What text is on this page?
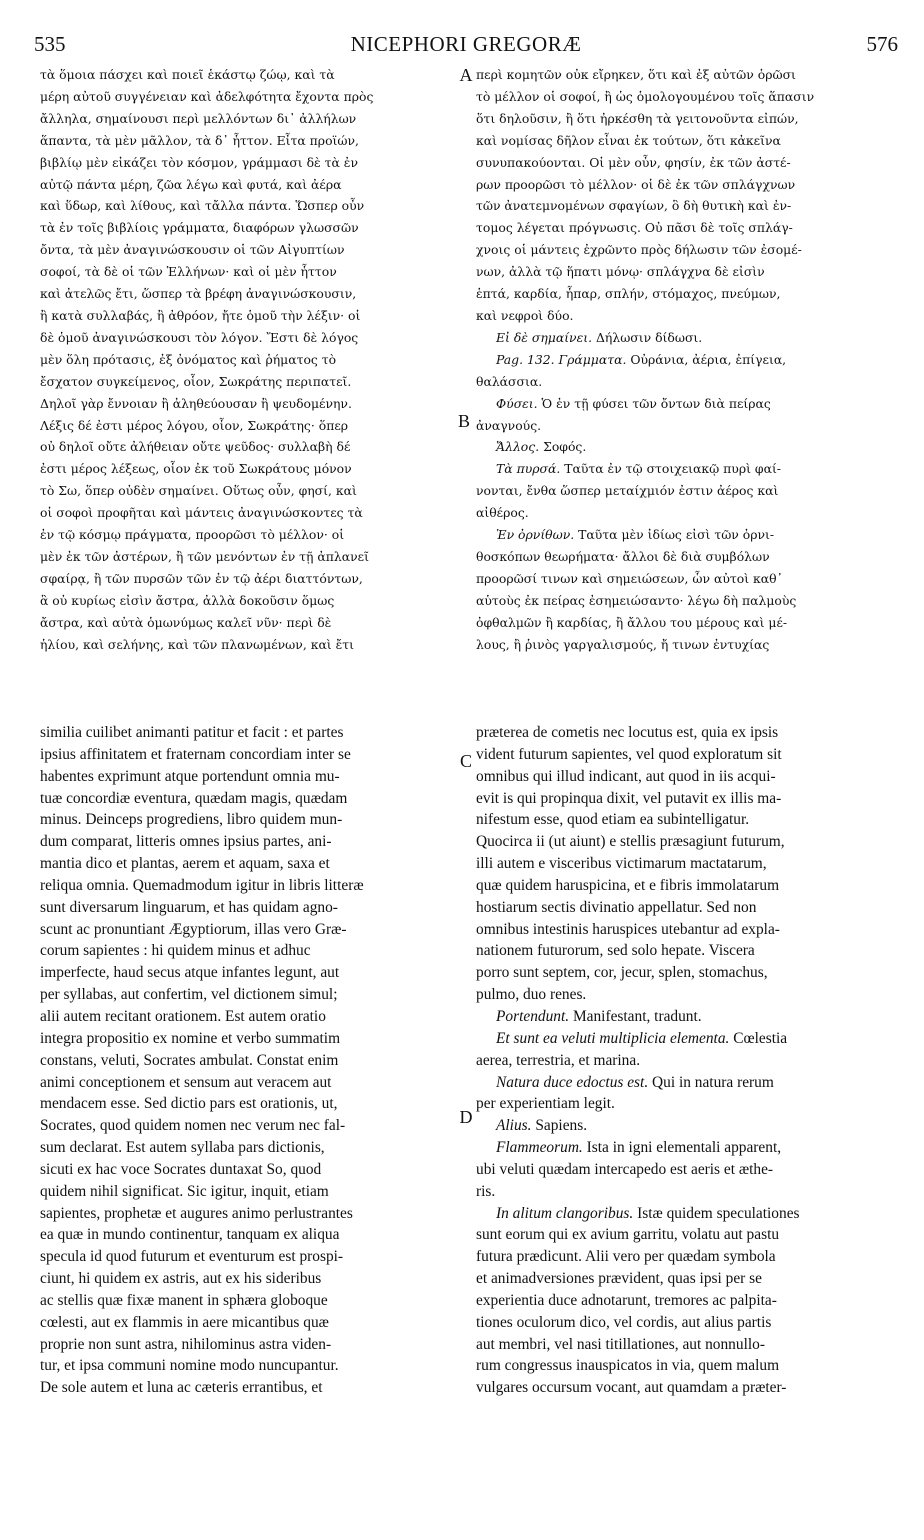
535	NICEPHORI GREGORÆ	576
τὰ ὅμοια πάσχει καὶ ποιεῖ ἑκάστῳ ζώῳ, καὶ τὰ
μέρη αὐτοῦ συγγένειαν καὶ ἀδελφότητα ἔχοντα πρὸς
ἄλληλα, σημαίνουσι περὶ μελλόντων δι᾽ ἀλλήλων
ἅπαντα, τὰ μὲν μᾶλλον, τὰ δ᾽ ἧττον. Εἶτα προϊών,
βιβλίῳ μὲν εἰκάζει τὸν κόσμον, γράμμασι δὲ τὰ ἐν
αὐτῷ πάντα μέρη, ζῶα λέγω καὶ φυτά, καὶ ἀέρα
καὶ ὕδωρ, καὶ λίθους, καὶ τἄλλα πάντα. Ὥσπερ οὖν
τὰ ἐν τοῖς βιβλίοις γράμματα, διαφόρων γλωσσῶν
ὄντα, τὰ μὲν ἀναγινώσκουσιν οἱ τῶν Αἰγυπτίων
σοφοί, τὰ δὲ οἱ τῶν Ἑλλήνων· καὶ οἱ μὲν ἧττον
καὶ ἀτελῶς ἔτι, ὥσπερ τὰ βρέφη ἀναγινώσκουσιν,
ἢ κατὰ συλλαβάς, ἢ ἀθρόον, ἤτε ὁμοῦ τὴν λέξιν· οἱ
δὲ ὁμοῦ ἀναγινώσκουσι τὸν λόγον. Ἔστι δὲ λόγος
μὲν ὅλη πρότασις, ἐξ ὀνόματος καὶ ῥήματος τὸ
ἔσχατον συγκείμενος, οἷον, Σωκράτης περιπατεῖ.
Δηλοῖ γὰρ ἔννοιαν ἢ ἀληθεύουσαν ἢ ψευδομένην.
Λέξις δέ ἐστι μέρος λόγου, οἷον, Σωκράτης· ὅπερ
οὐ δηλοῖ οὔτε ἀλήθειαν οὔτε ψεῦδος· συλλαβὴ δέ
ἐστι μέρος λέξεως, οἷον ἐκ τοῦ Σωκράτους μόνον
τὸ Σω, ὅπερ οὐδὲν σημαίνει. Οὕτως οὖν, φησί, καὶ
οἱ σοφοὶ προφῆται καὶ μάντεις ἀναγινώσκοντες τὰ
ἐν τῷ κόσμῳ πράγματα, προορῶσι τὸ μέλλον· οἱ
μὲν ἐκ τῶν ἀστέρων, ἢ τῶν μενόντων ἐν τῇ ἀπλανεῖ
σφαίρᾳ, ἢ τῶν πυρσῶν τῶν ἐν τῷ ἀέρι διαττόντων,
ἃ οὐ κυρίως εἰσὶν ἄστρα, ἀλλὰ δοκοῦσιν ὅμως
ἄστρα, καὶ αὐτὰ ὁμωνύμως καλεῖ νῦν· περὶ δὲ
ἡλίου, καὶ σελήνης, καὶ τῶν πλανωμένων, καὶ ἔτι
περὶ κομητῶν οὐκ εἴρηκεν, ὅτι καὶ ἐξ αὐτῶν ὁρῶσι
τὸ μέλλον οἱ σοφοί, ἢ ὡς ὁμολογουμένου τοῖς ἅπασιν
ὅτι δηλοῦσιν, ἢ ὅτι ἠρκέσθη τὰ γειτονοῦντα εἰπών,
καὶ νομίσας δῆλον εἶναι ἐκ τούτων, ὅτι κἀκεῖνα
συνυπακούονται. Οἱ μὲν οὖν, φησίν, ἐκ τῶν ἀστέ-
ρων προορῶσι τὸ μέλλον· οἱ δὲ ἐκ τῶν σπλάγχνων
τῶν ἀνατεμνομένων σφαγίων, ὃ δὴ θυτικὴ καὶ ἐν-
τομος λέγεται πρόγνωσις. Οὐ πᾶσι δὲ τοῖς σπλάγ-
χνοις οἱ μάντεις ἐχρῶντο πρὸς δήλωσιν τῶν ἐσομέ-
νων, ἀλλὰ τῷ ἥπατι μόνῳ· σπλάγχνα δὲ εἰσὶν
ἑπτά, καρδία, ἧπαρ, σπλήν, στόμαχος, πνεύμων,
καὶ νεφροὶ δύο.
Εἰ δὲ σημαίνει. Δήλωσιν δίδωσι.
Pag. 132. Γράμματα. Οὐράνια, ἀέρια, ἐπίγεια,
θαλάσσια.
Φύσει. Ὁ ἐν τῇ φύσει τῶν ὄντων διὰ πείρας
ἀναγνούς.
Ἄλλος. Σοφός.
Τὰ πυρσά. Ταῦτα ἐν τῷ στοιχειακῷ πυρὶ φαί-
νονται, ἔνθα ὥσπερ μεταίχμιόν ἐστιν ἀέρος καὶ
αἰθέρος.
Ἐν ὀρνίθων. Ταῦτα μὲν ἰδίως εἰσὶ τῶν ὀρνι-
θοσκόπων θεωρήματα· ἄλλοι δὲ διὰ συμβόλων
προορῶσί τινων καὶ σημειώσεων, ὧν αὐτοὶ καθ᾽
αὑτοὺς ἐκ πείρας ἐσημειώσαντο· λέγω δὴ παλμοὺς
ὀφθαλμῶν ἢ καρδίας, ἢ ἄλλου του μέρους καὶ μέ-
λους, ἢ ῥινὸς γαργαλισμούς, ἤ τινων ἐντυχίας
similia cuilibet animanti patitur et facit : et partes
ipsius affinitatem et fraternam concordiam inter se
habentes exprimunt atque portendunt omnia mu-
tuæ concordiæ eventura, quædam magis, quædam
minus. Deinceps progrediens, libro quidem mun-
dum comparat, litteris omnes ipsius partes, ani-
mantia dico et plantas, aerem et aquam, saxa et
reliqua omnia. Quemadmodum igitur in libris litteræ
sunt diversarum linguarum, et has quidam agno-
scunt ac pronuntiant Ægyptiorum, illas vero Græ-
corum sapientes : hi quidem minus et adhuc
imperfecte, haud secus atque infantes legunt, aut
per syllabas, aut confertim, vel dictionem simul;
alii autem recitant orationem. Est autem oratio
integra propositio ex nomine et verbo summatim
constans, veluti, Socrates ambulat. Constat enim
animi conceptionem et sensum aut veracem aut
mendacem esse. Sed dictio pars est orationis, ut,
Socrates, quod quidem nomen nec verum nec fal-
sum declarat. Est autem syllaba pars dictionis,
sicuti ex hac voce Socrates duntaxat So, quod
quidem nihil significat. Sic igitur, inquit, etiam
sapientes, prophetæ et augures animo perlustrantes
ea quæ in mundo continentur, tanquam ex aliqua
specula id quod futurum et eventurum est prospi-
ciunt, hi quidem ex astris, aut ex his sideribus
ac stellis quæ fixæ manent in sphæra globoque
cœlesti, aut ex flammis in aere micantibus quæ
proprie non sunt astra, nihilominus astra viden-
tur, et ipsa communi nomine modo nuncupantur.
De sole autem et luna ac cæteris errantibus, et
præterea de cometis nec locutus est, quia ex ipsis
vident futurum sapientes, vel quod exploratum sit
omnibus qui illud indicant, aut quod in iis acqui-
evit is qui propinqua dixit, vel putavit ex illis ma-
nifestum esse, quod etiam ea subintelligatur.
Quocirca ii (ut aiunt) e stellis præsagiunt futurum,
illi autem e visceribus victimarum mactatarum,
quæ quidem haruspicina, et e fibris immolatarum
hostiarum sectis divinatio appellatur. Sed non
omnibus intestinis haruspices utebantur ad expla-
nationem futurorum, sed solo hepate. Viscera
porro sunt septem, cor, jecur, splen, stomachus,
pulmo, duo renes.
Portendunt. Manifestant, tradunt.
Et sunt ea veluti multiplicia elementa. Cœlestia
aerea, terrestria, et marina.
Natura duce edoctus est. Qui in natura rerum
per experientiam legit.
Alius. Sapiens.
Flammeorum. Ista in igni elementali apparent,
ubi veluti quædam intercapedo est aeris et æthe-
ris.
In alitum clangoribus. Istæ quidem speculationes
sunt eorum qui ex avium garritu, volatu aut pastu
futura prædicunt. Alii vero per quædam symbola
et animadversiones prævident, quas ipsi per se
experientia duce adnotarunt, tremores ac palpita-
tiones oculorum dico, vel cordis, aut alius partis
aut membri, vel nasi titillationes, aut nonnullo-
rum congressus inauspicatos in via, quem malum
vulgares occursum vocant, aut quamdam a præter-
A
B
C
D
